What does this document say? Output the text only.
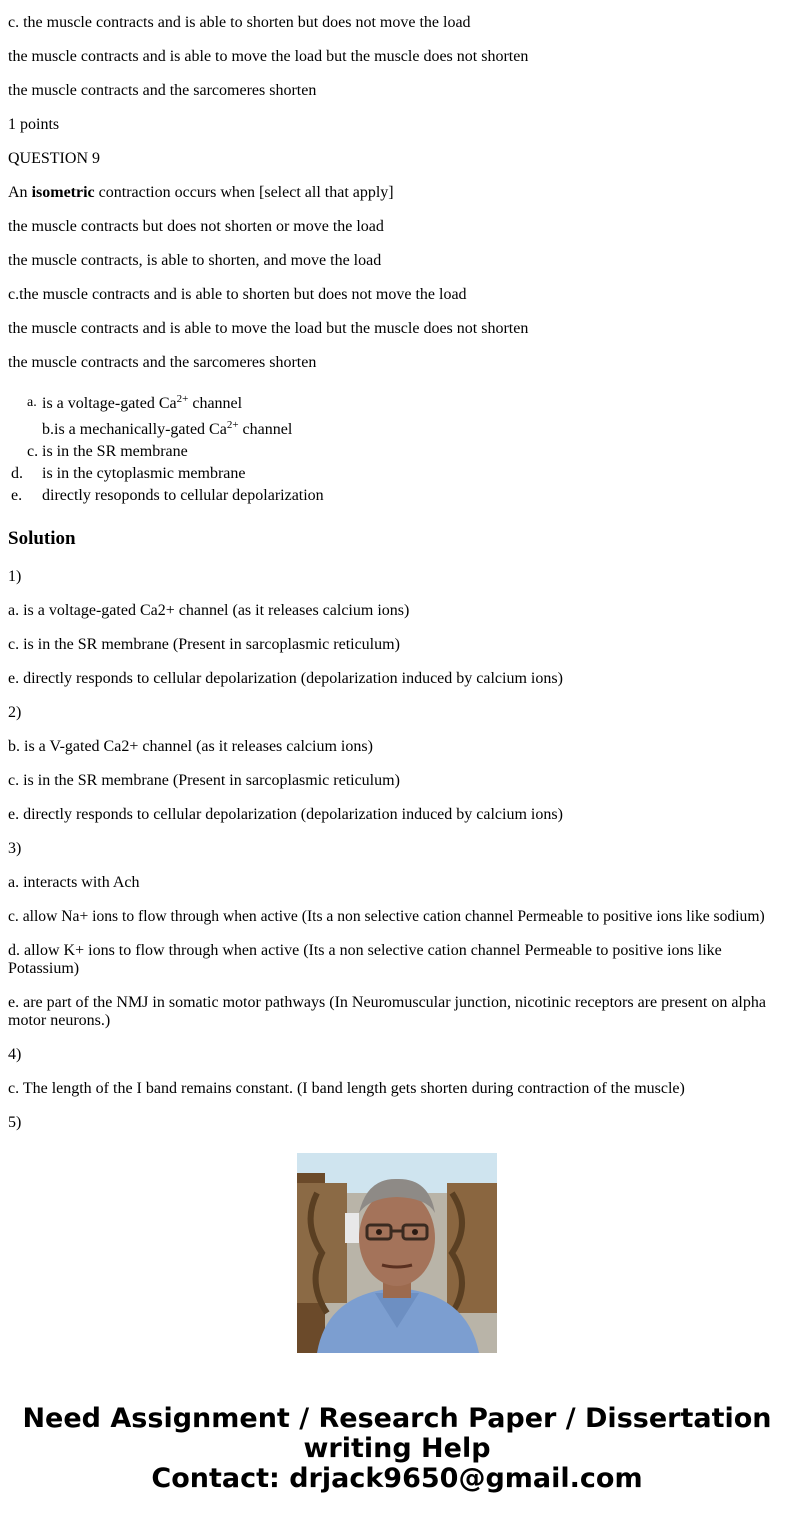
c. the muscle contracts and is able to shorten but does not move the load

the muscle contracts and is able to move the load but the muscle does not shorten

the muscle contracts and the sarcomeres shorten

1 points

QUESTION 9

An isometric contraction occurs when [select all that apply]

the muscle contracts but does not shorten or move the load

the muscle contracts, is able to shorten, and move the load

c.the muscle contracts and is able to shorten but does not move the load

the muscle contracts and is able to move the load but the muscle does not shorten

the muscle contracts and the sarcomeres shorten

a. is a voltage-gated $Ca^{2+}$ channel
b.is a mechanically-gated $Ca^{2+}$ channel
c. is in the SR membrane
d. is in the cytoplasmic membrane
e. directly resoponds to cellular depolarization
Solution

1)

a. is a voltage-gated Ca2+ channel (as it releases calcium ions)

c. is in the SR membrane (Present in sarcoplasmic reticulum)

e. directly responds to cellular depolarization (depolarization induced by calcium ions)

2)

b. is a V-gated Ca2+ channel (as it releases calcium ions)

c. is in the SR membrane (Present in sarcoplasmic reticulum)

e. directly responds to cellular depolarization (depolarization induced by calcium ions)

3)

a. interacts with Ach

c. allow Na+ ions to flow through when active (Its a non selective cation channel Permeable to positive ions like sodium)

d. allow K+ ions to flow through when active (Its a non selective cation channel Permeable to positive ions like Potassium)

e. are part of the NMJ in somatic motor pathways (In Neuromuscular junction, nicotinic receptors are present on alpha motor neurons.)

4)

c. The length of the I band remains constant. (I band length gets shorten during contraction of the muscle)

5)

Need Assignment / Research Paper / Dissertation
writing Help
Contact: drjack9650@gmail.com
